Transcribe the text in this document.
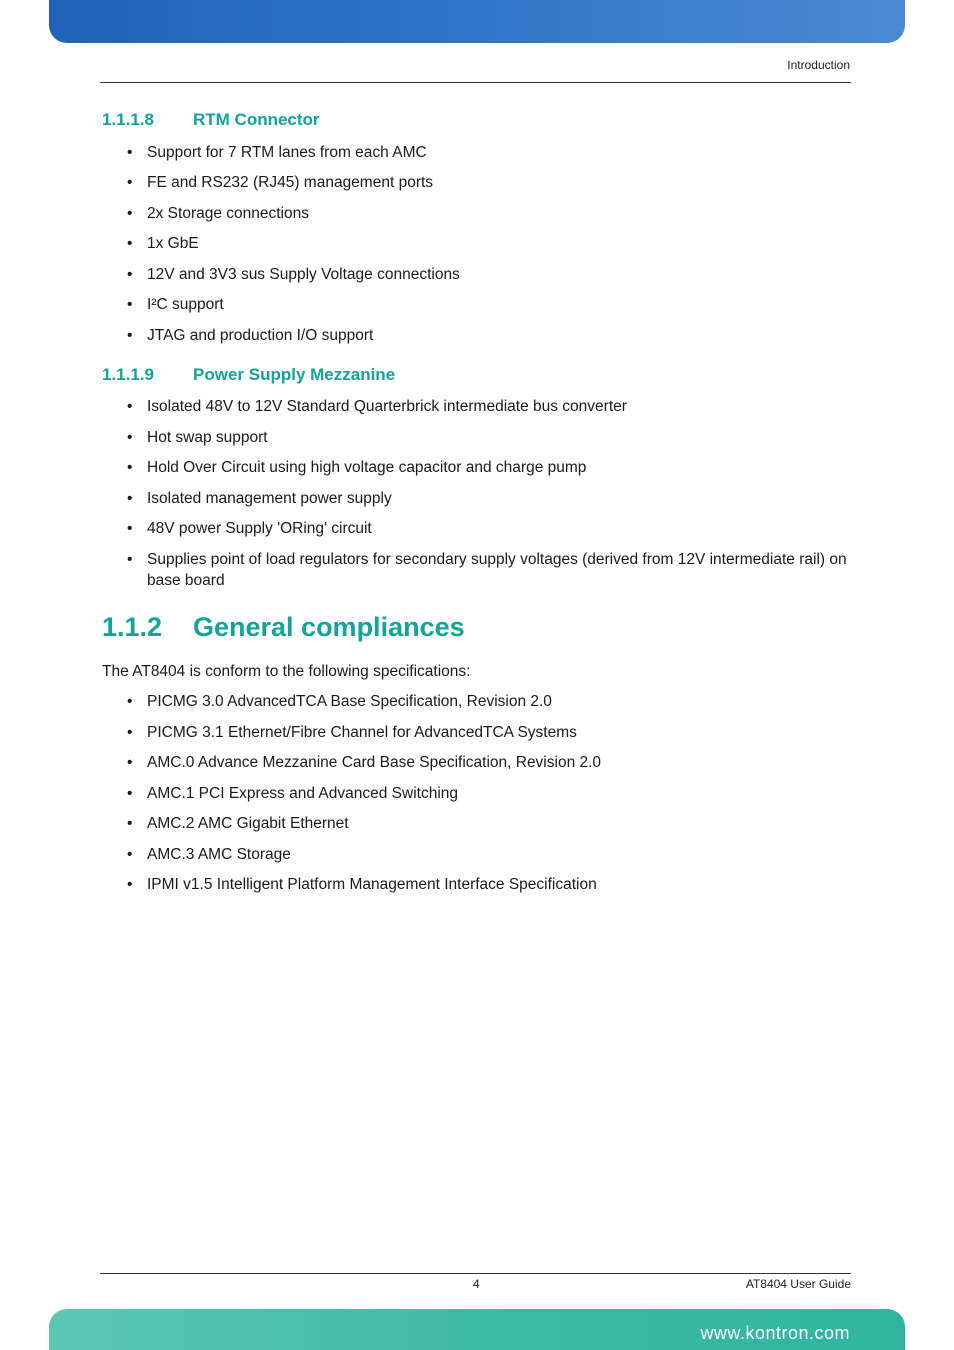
Introduction
1.1.1.8	RTM Connector
• Support for 7 RTM lanes from each AMC
• FE and RS232 (RJ45) management ports
• 2x Storage connections
• 1x GbE
• 12V and 3V3 sus Supply Voltage connections
• I²C support
• JTAG and production I/O support
1.1.1.9	Power Supply Mezzanine
• Isolated 48V to 12V Standard Quarterbrick intermediate bus converter
• Hot swap support
• Hold Over Circuit using high voltage capacitor and charge pump
• Isolated management power supply
• 48V power Supply 'ORing' circuit
• Supplies point of load regulators for secondary supply voltages (derived from 12V intermediate rail) on base board
1.1.2	General compliances

The AT8404 is conform to the following specifications:

• PICMG 3.0 AdvancedTCA Base Specification, Revision 2.0
• PICMG 3.1 Ethernet/Fibre Channel for AdvancedTCA Systems
• AMC.0 Advance Mezzanine Card Base Specification, Revision 2.0
• AMC.1 PCI Express and Advanced Switching
• AMC.2 AMC Gigabit Ethernet
• AMC.3 AMC Storage
• IPMI v1.5 Intelligent Platform Management Interface Specification
4	AT8404 User Guide
www.kontron.com
